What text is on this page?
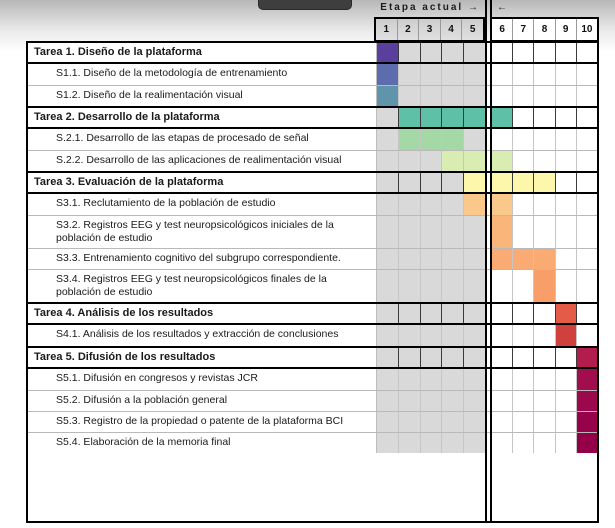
Etapa actual → ←
1	2	3	4	5	6	7	8	9	10
Tarea 1. Diseño de la plataforma
S1.1. Diseño de la metodología de entrenamiento
S1.2. Diseño de la realimentación visual
Tarea 2. Desarrollo de la plataforma
S.2.1. Desarrollo de las etapas de procesado de señal
S.2.2. Desarrollo de las aplicaciones de realimentación visual
Tarea 3. Evaluación de la plataforma
S3.1. Reclutamiento de la población de estudio
S3.2. Registros EEG y test neuropsicológicos iniciales de la población de estudio
S3.3. Entrenamiento cognitivo del subgrupo correspondiente.
S3.4. Registros EEG y test neuropsicológicos finales de la población de estudio
Tarea 4. Análisis de los resultados
S4.1. Análisis de los resultados y extracción de conclusiones
Tarea 5. Difusión de los resultados
S5.1. Difusión en congresos y revistas JCR
S5.2. Difusión a la población general
S5.3. Registro de la propiedad o patente de la plataforma BCI
S5.4. Elaboración de la memoria final
